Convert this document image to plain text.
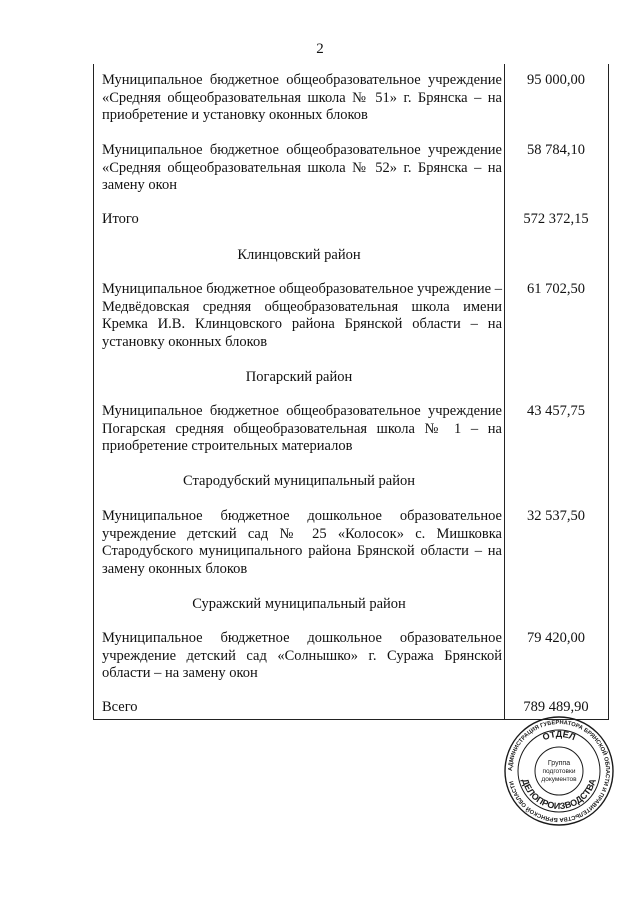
2
Муниципальное бюджетное общеобразовательное учреждение «Средняя общеобразовательная школа № 51» г. Брянска – на приобретение и установку оконных блоков
95 000,00
Муниципальное бюджетное общеобразовательное учреждение «Средняя общеобразовательная школа № 52» г. Брянска – на замену окон
58 784,10
Итого	572 372,15
Клинцовский район
Муниципальное бюджетное общеобразовательное учреждение – Медвёдовская средняя общеобразовательная школа имени Кремка И.В. Клинцовского района Брянской области – на установку оконных блоков
61 702,50
Погарский район
Муниципальное бюджетное общеобразовательное учреждение Погарская средняя общеобразовательная школа № 1 – на приобретение строительных материалов
43 457,75
Стародубский муниципальный район
Муниципальное бюджетное дошкольное образовательное учреждение детский сад № 25 «Колосок» с. Мишковка Стародубского муниципального района Брянской области – на замену оконных блоков
32 537,50
Суражский муниципальный район
Муниципальное бюджетное дошкольное образовательное учреждение детский сад «Солнышко» г. Суража Брянской области – на замену окон
79 420,00
Всего	789 489,90
АДМИНИСТРАЦИЯ ГУБЕРНАТОРА БРЯНСКОЙ ОБЛАСТИ И ПРАВИТЕЛЬСТВА БРЯНСКОЙ ОБЛАСТИ
ОТДЕЛ
ДЕЛОПРОИЗВОДСТВА
Группа
подготовки
документов
